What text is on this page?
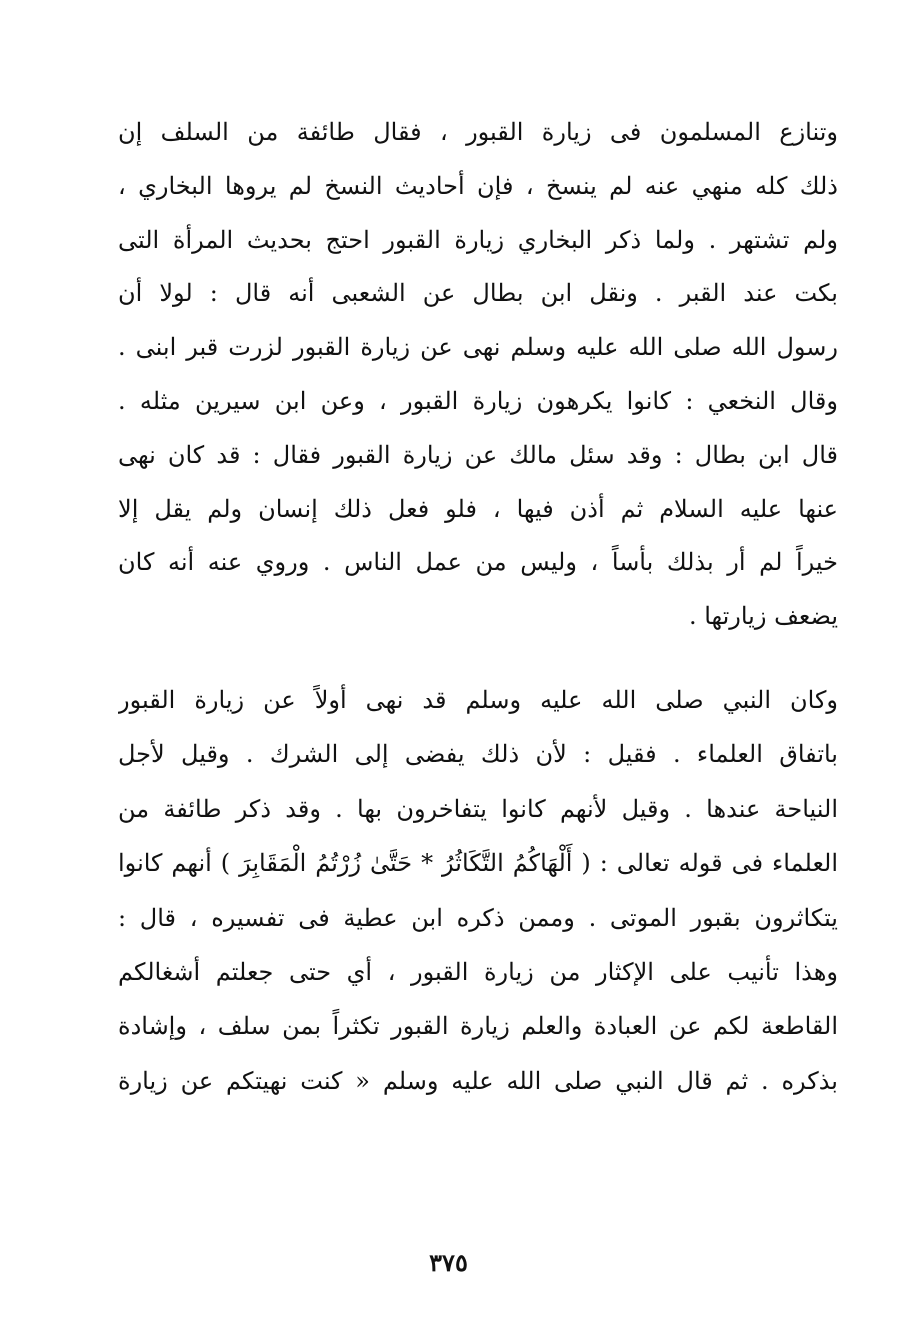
وتنازع المسلمون فى زيارة القبور ، فقال طائفة من السلف إن
ذلك كله منهي عنه لم ينسخ ، فإن أحاديث النسخ لم يروها البخاري ،
ولم تشتهر . ولما ذكر البخاري زيارة القبور احتج بحديث المرأة التى
بكت عند القبر . ونقل ابن بطال عن الشعبى أنه قال : لولا أن
رسول الله صلى الله عليه وسلم نهى عن زيارة القبور لزرت قبر ابنى .
وقال النخعي : كانوا يكرهون زيارة القبور ، وعن ابن سيرين مثله .
قال ابن بطال : وقد سئل مالك عن زيارة القبور فقال : قد كان نهى
عنها عليه السلام ثم أذن فيها ، فلو فعل ذلك إنسان ولم يقل إلا
خيراً لم أر بذلك بأساً ، وليس من عمل الناس . وروي عنه أنه كان
يضعف زيارتها .
وكان النبي صلى الله عليه وسلم قد نهى أولاً عن زيارة القبور
باتفاق العلماء . فقيل : لأن ذلك يفضى إلى الشرك . وقيل لأجل
النياحة عندها . وقيل لأنهم كانوا يتفاخرون بها . وقد ذكر طائفة من
العلماء فى قوله تعالى : ( أَلْهَاكُمُ التَّكَاثُرُ * حَتَّىٰ زُرْتُمُ الْمَقَابِرَ ) أنهم كانوا
يتكاثرون بقبور الموتى . وممن ذكره ابن عطية فى تفسيره ، قال :
وهذا تأنيب على الإكثار من زيارة القبور ، أي حتى جعلتم أشغالكم
القاطعة لكم عن العبادة والعلم زيارة القبور تكثراً بمن سلف ، وإشادة
بذكره . ثم قال النبي صلى الله عليه وسلم « كنت نهيتكم عن زيارة
٣٧٥
